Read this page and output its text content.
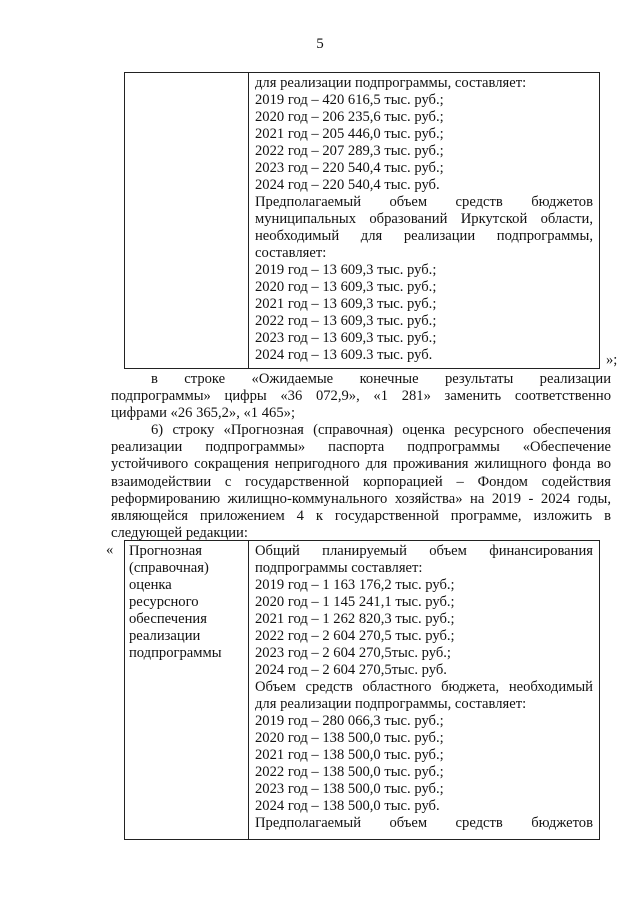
5
для реализации подпрограммы, составляет:
2019 год – 420 616,5 тыс. руб.;
2020 год – 206 235,6 тыс. руб.;
2021 год – 205 446,0 тыс. руб.;
2022 год – 207 289,3 тыс. руб.;
2023 год – 220 540,4 тыс. руб.;
2024 год – 220 540,4 тыс. руб.
Предполагаемый объем средств бюджетов
муниципальных образований Иркутской области,
необходимый для реализации подпрограммы,
составляет:
2019 год – 13 609,3 тыс. руб.;
2020 год – 13 609,3 тыс. руб.;
2021 год – 13 609,3 тыс. руб.;
2022 год – 13 609,3 тыс. руб.;
2023 год – 13 609,3 тыс. руб.;
2024 год – 13 609.3 тыс. руб.	»;
в строке «Ожидаемые конечные результаты реализации
подпрограммы» цифры «36 072,9», «1 281» заменить соответственно
цифрами «26 365,2», «1 465»;
6) строку «Прогнозная (справочная) оценка ресурсного обеспечения
реализации подпрограммы» паспорта подпрограммы «Обеспечение
устойчивого сокращения непригодного для проживания жилищного фонда во
взаимодействии с государственной корпорацией – Фондом содействия
реформированию жилищно-коммунального хозяйства» на 2019 - 2024 годы,
являющейся приложением 4 к государственной программе, изложить в
следующей редакции:
« Прогнозная
(справочная)
оценка
ресурсного
обеспечения
реализации
подпрограммы
Общий планируемый объем финансирования
подпрограммы составляет:
2019 год – 1 163 176,2 тыс. руб.;
2020 год – 1 145 241,1 тыс. руб.;
2021 год – 1 262 820,3 тыс. руб.;
2022 год – 2 604 270,5 тыс. руб.;
2023 год – 2 604 270,5тыс. руб.;
2024 год – 2 604 270,5тыс. руб.
Объем средств областного бюджета, необходимый
для реализации подпрограммы, составляет:
2019 год – 280 066,3 тыс. руб.;
2020 год – 138 500,0 тыс. руб.;
2021 год – 138 500,0 тыс. руб.;
2022 год – 138 500,0 тыс. руб.;
2023 год – 138 500,0 тыс. руб.;
2024 год – 138 500,0 тыс. руб.
Предполагаемый объем средств бюджетов
